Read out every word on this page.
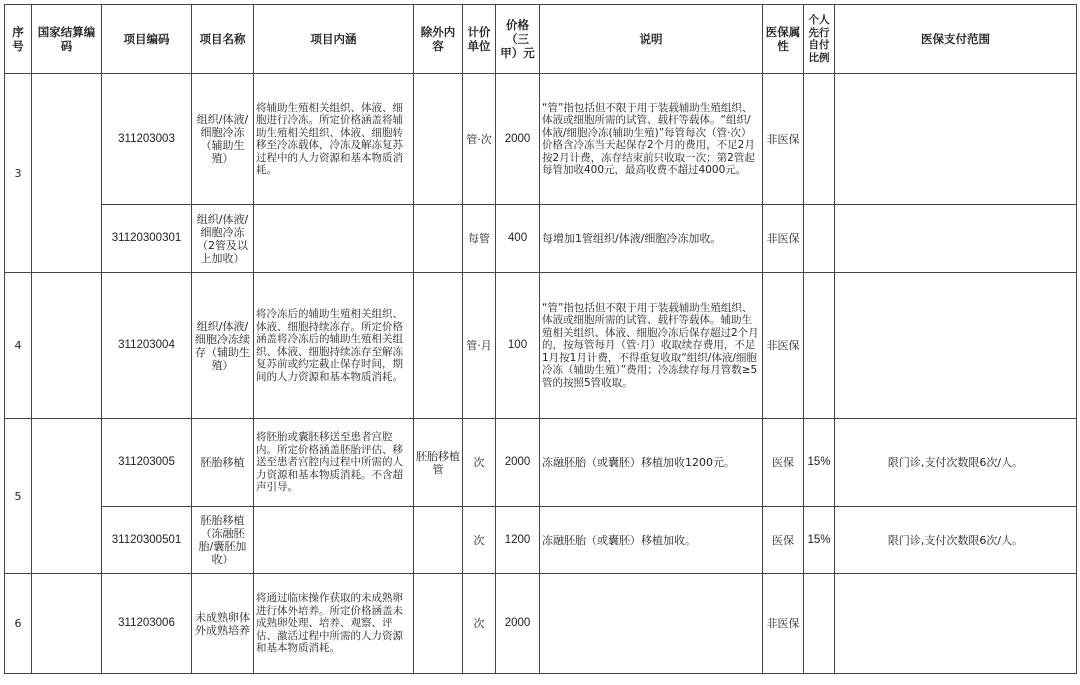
序号	国家结算编码	项目编码	项目名称	项目内涵	除外内容	计价单位	价格（三甲）元	说明	医保属性	个人先行自付比例	医保支付范围
3		311203003	组织/体液/细胞冷冻（辅助生殖）	将辅助生殖相关组织、体液、细胞进行冷冻。所定价格涵盖将辅助生殖相关组织、体液、细胞转移至冷冻载体，冷冻及解冻复苏过程中的人力资源和基本物质消耗。		管·次	2000	“管”指包括但不限于用于装载辅助生殖组织、体液或细胞所需的试管、载杆等载体。“组织/体液/细胞冷冻(辅助生殖)”每管每次（管·次）价格含冷冻当天起保存2个月的费用，不足2月按2月计费，冻存结束前只收取一次；第2管起每管加收400元，最高收费不超过4000元。	非医保		
		31120300301	组织/体液/细胞冷冻（2管及以上加收）			每管	400	每增加1管组织/体液/细胞冷冻加收。	非医保		
4		311203004	组织/体液/细胞冷冻续存（辅助生殖）	将冷冻后的辅助生殖相关组织、体液、细胞持续冻存。所定价格涵盖将冷冻后的辅助生殖相关组织、体液、细胞持续冻存至解冻复苏前或约定截止保存时间，期间的人力资源和基本物质消耗。		管·月	100	“管”指包括但不限于用于装载辅助生殖组织、体液或细胞所需的试管、载杆等载体。辅助生殖相关组织、体液、细胞冷冻后保存超过2个月的，按每管每月（管·月）收取续存费用，不足1月按1月计费，不得重复收取“组织/体液/细胞冷冻（辅助生殖）”费用；冷冻续存每月管数≥5管的按照5管收取。	非医保		
5		311203005	胚胎移植	将胚胎或囊胚移送至患者宫腔内。所定价格涵盖胚胎评估、移送至患者宫腔内过程中所需的人力资源和基本物质消耗。不含超声引导。	胚胎移植管	次	2000	冻融胚胎（或囊胚）移植加收1200元。	医保	15%	限门诊,支付次数限6次/人。
		31120300501	胚胎移植（冻融胚胎/囊胚加收）			次	1200	冻融胚胎（或囊胚）移植加收。	医保	15%	限门诊,支付次数限6次/人。
6		311203006	未成熟卵体外成熟培养	将通过临床操作获取的未成熟卵进行体外培养。所定价格涵盖未成熟卵处理、培养、观察、评估、激活过程中所需的人力资源和基本物质消耗。		次	2000		非医保		
